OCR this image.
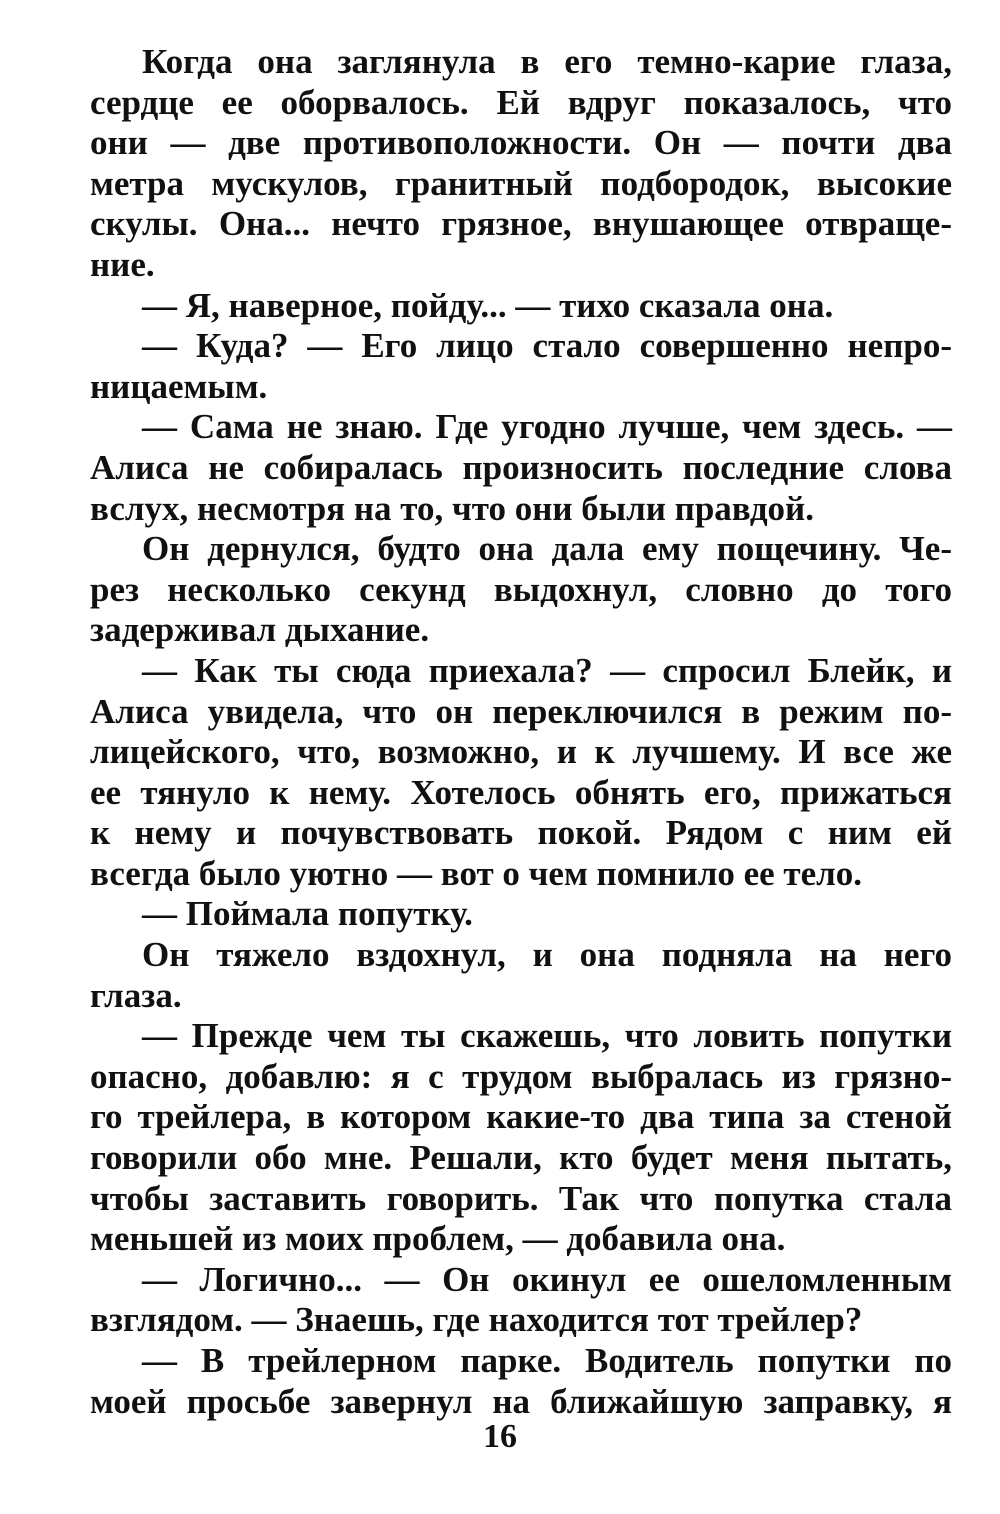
Когда она заглянула в его темно-карие глаза,
сердце ее оборвалось. Ей вдруг показалось, что
они — две противоположности. Он — почти два
метра мускулов, гранитный подбородок, высокие
скулы. Она... нечто грязное, внушающее отвраще-
ние.
— Я, наверное, пойду... — тихо сказала она.
— Куда? — Его лицо стало совершенно непро-
ницаемым.
— Сама не знаю. Где угодно лучше, чем здесь. —
Алиса не собиралась произносить последние слова
вслух, несмотря на то, что они были правдой.
Он дернулся, будто она дала ему пощечину. Че-
рез несколько секунд выдохнул, словно до того
задерживал дыхание.
— Как ты сюда приехала? — спросил Блейк, и
Алиса увидела, что он переключился в режим по-
лицейского, что, возможно, и к лучшему. И все же
ее тянуло к нему. Хотелось обнять его, прижаться
к нему и почувствовать покой. Рядом с ним ей
всегда было уютно — вот о чем помнило ее тело.
— Поймала попутку.
Он тяжело вздохнул, и она подняла на него
глаза.
— Прежде чем ты скажешь, что ловить попутки
опасно, добавлю: я с трудом выбралась из грязно-
го трейлера, в котором какие-то два типа за стеной
говорили обо мне. Решали, кто будет меня пытать,
чтобы заставить говорить. Так что попутка стала
меньшей из моих проблем, — добавила она.
— Логично... — Он окинул ее ошеломленным
взглядом. — Знаешь, где находится тот трейлер?
— В трейлерном парке. Водитель попутки по
моей просьбе завернул на ближайшую заправку, я
16
